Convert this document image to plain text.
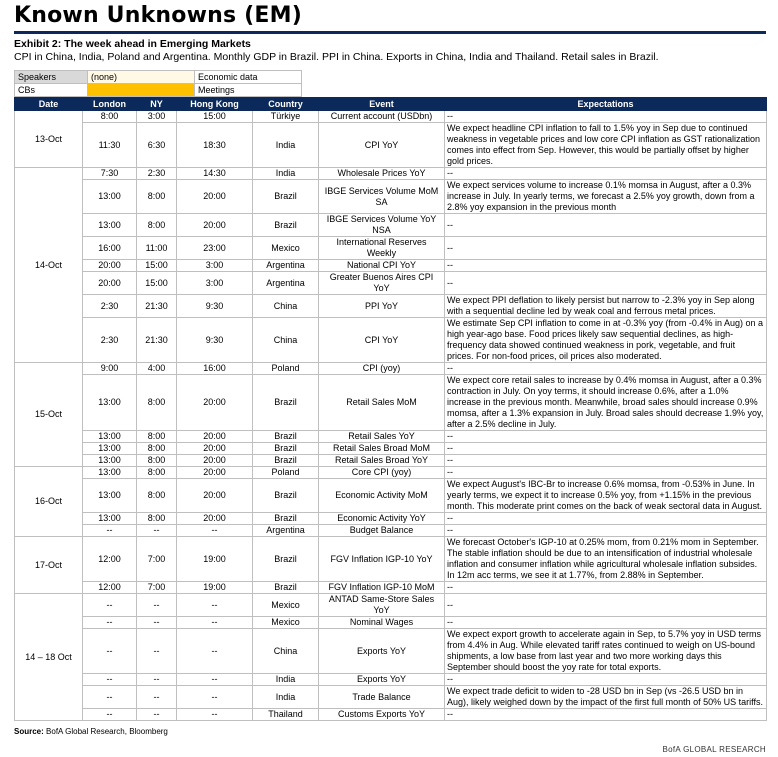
Known Unknowns (EM)
Exhibit 2: The week ahead in Emerging Markets
CPI in China, India, Poland and Argentina. Monthly GDP in Brazil. PPI in China. Exports in China, India and Thailand. Retail sales in Brazil.
Speakers	(none)	Economic data
CBs		Meetings
Date	London	NY	Hong Kong	Country	Event	Expectations
13-Oct	8:00	3:00	15:00	Türkiye	Current account (USDbn)	--
	11:30	6:30	18:30	India	CPI YoY	We expect headline CPI inflation to fall to 1.5% yoy in Sep due to continued weakness in vegetable prices and low core CPI inflation as GST rationalization comes into effect from Sep. However, this would be partially offset by higher gold prices.
14-Oct	7:30	2:30	14:30	India	Wholesale Prices YoY	--
	13:00	8:00	20:00	Brazil	IBGE Services Volume MoM SA	We expect services volume to increase 0.1% momsa in August, after a 0.3% increase in July. In yearly terms, we forecast a 2.5% yoy growth, down from a 2.8% yoy expansion in the previous month
	13:00	8:00	20:00	Brazil	IBGE Services Volume YoY NSA	--
	16:00	11:00	23:00	Mexico	International Reserves Weekly	--
	20:00	15:00	3:00	Argentina	National CPI YoY	--
	20:00	15:00	3:00	Argentina	Greater Buenos Aires CPI YoY	--
	2:30	21:30	9:30	China	PPI YoY	We expect PPI deflation to likely persist but narrow to -2.3% yoy in Sep along with a sequential decline led by weak coal and ferrous metal prices.
	2:30	21:30	9:30	China	CPI YoY	We estimate Sep CPI inflation to come in at -0.3% yoy (from -0.4% in Aug) on a high year-ago base. Food prices likely saw sequential declines, as high-frequency data showed continued weakness in pork, vegetable, and fruit prices. For non-food prices, oil prices also moderated.
15-Oct	9:00	4:00	16:00	Poland	CPI (yoy)	--
	13:00	8:00	20:00	Brazil	Retail Sales MoM	We expect core retail sales to increase by 0.4% momsa in August, after a 0.3% contraction in July. On yoy terms, it should increase 0.6%, after a 1.0% increase in the previous month. Meanwhile, broad sales should increase 0.9% momsa, after a 1.3% expansion in July. Broad sales should decrease 1.9% yoy, after a 2.5% decline in July.
	13:00	8:00	20:00	Brazil	Retail Sales YoY	--
	13:00	8:00	20:00	Brazil	Retail Sales Broad MoM	--
	13:00	8:00	20:00	Brazil	Retail Sales Broad YoY	--
16-Oct	13:00	8:00	20:00	Poland	Core CPI (yoy)	--
	13:00	8:00	20:00	Brazil	Economic Activity MoM	We expect August's IBC-Br to increase 0.6% momsa, from -0.53% in June. In yearly terms, we expect it to increase 0.5% yoy, from +1.15% in the previous month. This moderate print comes on the back of weak sectoral data in August.
	13:00	8:00	20:00	Brazil	Economic Activity YoY	--
	--	--	--	Argentina	Budget Balance	--
17-Oct	12:00	7:00	19:00	Brazil	FGV Inflation IGP-10 YoY	We forecast October's IGP-10 at 0.25% mom, from 0.21% mom in September. The stable inflation should be due to an intensification of industrial wholesale inflation and consumer inflation while agricultural wholesale inflation subsides. In 12m acc terms, we see it at 1.77%, from 2.88% in September.
	12:00	7:00	19:00	Brazil	FGV Inflation IGP-10 MoM	--
14 – 18 Oct	--	--	--	Mexico	ANTAD Same-Store Sales YoY	--
	--	--	--	Mexico	Nominal Wages	--
	--	--	--	China	Exports YoY	We expect export growth to accelerate again in Sep, to 5.7% yoy in USD terms from 4.4% in Aug. While elevated tariff rates continued to weigh on US-bound shipments, a low base from last year and two more working days this September should boost the yoy rate for total exports.
	--	--	--	India	Exports YoY	--
	--	--	--	India	Trade Balance	We expect trade deficit to widen to -28 USD bn in Sep (vs -26.5 USD bn in Aug), likely weighed down by the impact of the first full month of 50% US tariffs.
	--	--	--	Thailand	Customs Exports YoY	--
Source: BofA Global Research, Bloomberg
BofA GLOBAL RESEARCH
